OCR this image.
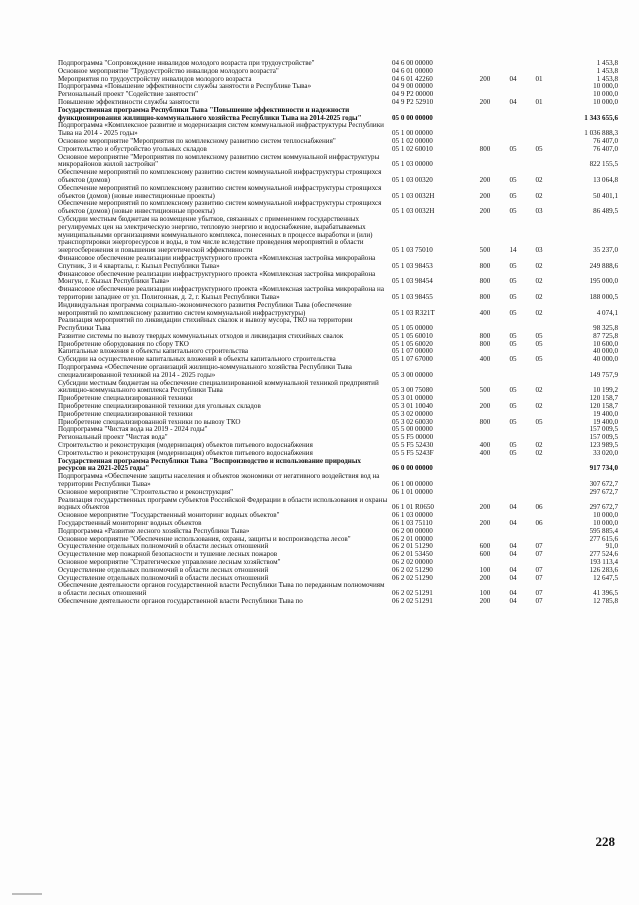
Подпрограмма "Сопровождение инвалидов молодого возраста при трудоустройстве"	04 6 00 00000	1 453,8
Основное мероприятие "Трудоустройство инвалидов молодого возраста"	04 6 01 00000	1 453,8
Мероприятия по трудоустройству инвалидов молодого возраста	04 6 01 42260	200	04	01	1 453,8
Подпрограмма «Повышение эффективности службы занятости в Республике Тыва»	04 9 00 00000	10 000,0
Региональный проект "Содействие занятости"	04 9 P2 00000	10 000,0
Повышение эффективности службы занятости	04 9 P2 52910	200	04	01	10 000,0
Государственная программа Республики Тыва "Повышение эффективности и надежности функционирования жилищно-коммунального хозяйства Республики Тыва на 2014-2025 годы"	05 0 00 00000	1 343 655,6
Подпрограмма «Комплексное развитие и модернизация систем коммунальной инфраструктуры Республики Тыва на 2014 - 2025 годы»	05 1 00 00000	1 036 888,3
Основное мероприятие "Мероприятия по комплексному развитию систем теплоснабжения"	05 1 02 00000	76 407,0
Строительство и обустройство угольных складов	05 1 02 60010	800	05	05	76 407,0
Основное мероприятие "Мероприятия по комплексному развитию систем коммунальной инфраструктуры микрорайонов жилой застройки"	05 1 03 00000	822 155,5
Обеспечение мероприятий по комплексному развитию систем коммунальной инфраструктуры строящихся объектов (домов)	05 1 03 00320	200	05	02	13 064,8
Обеспечение мероприятий по комплексному развитию систем коммунальной инфраструктуры строящихся объектов (домов) (новые инвестиционные проекты)	05 1 03 0032H	200	05	02	50 401,1
Обеспечение мероприятий по комплексному развитию систем коммунальной инфраструктуры строящихся объектов (домов) (новые инвестиционные проекты)	05 1 03 0032H	200	05	03	86 489,5
Субсидии местным бюджетам на возмещение убытков, связанных с применением государственных регулируемых цен на электрическую энергию, тепловую энергию и водоснабжение, вырабатываемых муниципальными организациями коммунального комплекса, понесенных в процессе выработки и (или) транспортировки энергоресурсов и воды, в том числе вследствие проведения мероприятий в области энергосбережения и повышения энергетической эффективности	05 1 03 75010	500	14	03	35 237,0
Финансовое обеспечение реализации инфраструктурного проекта «Комплексная застройка микрорайона Спутник, 3 и 4 кварталы, г. Кызыл Республики Тыва»	05 1 03 98453	800	05	02	249 888,6
Финансовое обеспечение реализации инфраструктурного проекта «Комплексная застройка микрорайона Монгун, г. Кызыл Республики Тыва»	05 1 03 98454	800	05	02	195 000,0
Финансовое обеспечение реализации инфраструктурного проекта «Комплексная застройка микрорайона на территории западнее от ул. Полигонная, д. 2, г. Кызыл Республики Тыва»	05 1 03 98455	800	05	02	188 000,5
Индивидуальная программа социально-экономического развития Республики Тыва (обеспечение мероприятий по комплексному развитию систем коммунальной инфраструктуры)	05 1 03 R321T	400	05	02	4 074,1
Реализация мероприятий по ликвидации стихийных свалок и вывозу мусора, ТКО на территории Республики Тыва	05 1 05 00000	98 325,8
Развитие системы по вывозу твердых коммунальных отходов и ликвидация стихийных свалок	05 1 05 60010	800	05	05	87 725,8
Приобретение оборудования по сбору ТКО	05 1 05 60020	800	05	05	10 600,0
Капитальные вложения в объекты капитального строительства	05 1 07 00000	40 000,0
Субсидии на осуществление капитальных вложений в объекты капитального строительства	05 1 07 67000	400	05	05	40 000,0
Подпрограмма «Обеспечение организаций жилищно-коммунального хозяйства Республики Тыва специализированной техникой на 2014 - 2025 годы»	05 3 00 00000	149 757,9
Субсидии местным бюджетам на обеспечение специализированной коммунальной техникой предприятий жилищно-коммунального комплекса Республики Тыва	05 3 00 75080	500	05	02	10 199,2
Приобретение специализированной техники	05 3 01 00000	120 158,7
Приобретение специализированной техники для угольных складов	05 3 01 10040	200	05	02	120 158,7
Приобретение специализированной техники	05 3 02 00000	19 400,0
Приобретение специализированной техники по вывозу ТКО	05 3 02 60030	800	05	05	19 400,0
Подпрограмма "Чистая вода на 2019 - 2024 годы"	05 5 00 00000	157 009,5
Региональный проект "Чистая вода"	05 5 F5 00000	157 009,5
Строительство и реконструкция (модернизация) объектов питьевого водоснабжения	05 5 F5 52430	400	05	02	123 989,5
Строительство и реконструкция (модернизация) объектов питьевого водоснабжения	05 5 F5 5243F	400	05	02	33 020,0
Государственная программа Республики Тыва "Воспроизводство и использование природных ресурсов на 2021-2025 годы"	06 0 00 00000	917 734,0
Подпрограмма «Обеспечение защиты населения и объектов экономики от негативного воздействия вод на территории Республики Тыва»	06 1 00 00000	307 672,7
Основное мероприятие "Строительство и реконструкция"	06 1 01 00000	297 672,7
Реализация государственных программ субъектов Российской Федерации в области использования и охраны водных объектов	06 1 01 R0650	200	04	06	297 672,7
Основное мероприятие "Государственный мониторинг водных объектов"	06 1 03 00000	10 000,0
Государственный мониторинг водных объектов	06 1 03 75110	200	04	06	10 000,0
Подпрограмма «Развитие лесного хозяйства Республики Тыва»	06 2 00 00000	595 885,4
Основное мероприятие "Обеспечение использования, охраны, защиты и воспроизводства лесов"	06 2 01 00000	277 615,6
Осуществление отдельных полномочий в области лесных отношений	06 2 01 51290	600	04	07	91,0
Осуществление мер пожарной безопасности и тушение лесных пожаров	06 2 01 53450	600	04	07	277 524,6
Основное мероприятие "Стратегическое управление лесным хозяйством"	06 2 02 00000	193 113,4
Осуществление отдельных полномочий в области лесных отношений	06 2 02 51290	100	04	07	126 283,6
Осуществление отдельных полномочий в области лесных отношений	06 2 02 51290	200	04	07	12 647,5
Обеспечение деятельности органов государственной власти Республики Тыва по переданным полномочиям в области лесных отношений	06 2 02 51291	100	04	07	41 396,5
Обеспечение деятельности органов государственной власти Республики Тыва по	06 2 02 51291	200	04	07	12 785,8
228
